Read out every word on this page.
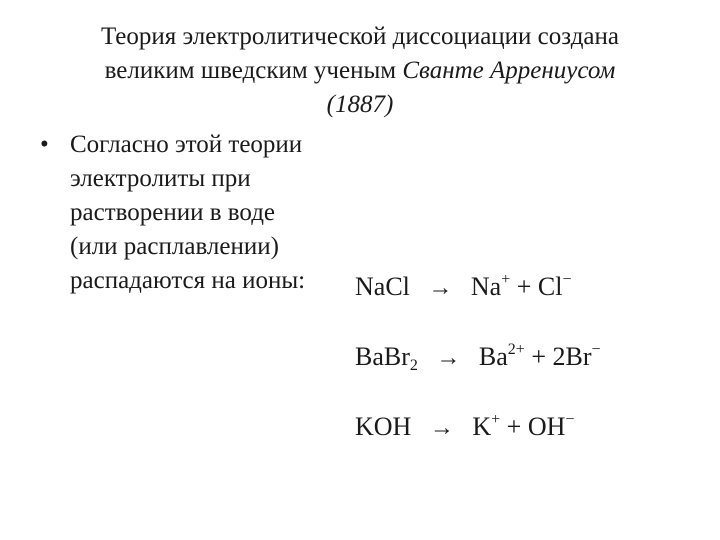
Теория электролитической диссоциации создана
великим шведским ученым Сванте Аррениусом
(1887)
• Согласно этой теории
электролиты при
растворении в воде
(или расплавлении)
распадаются на ионы:	NaCl → Na+ + Cl−
BaBr$_2$ → $Ba^{2+} + 2Br^-$
KOH → K+ + OH−
